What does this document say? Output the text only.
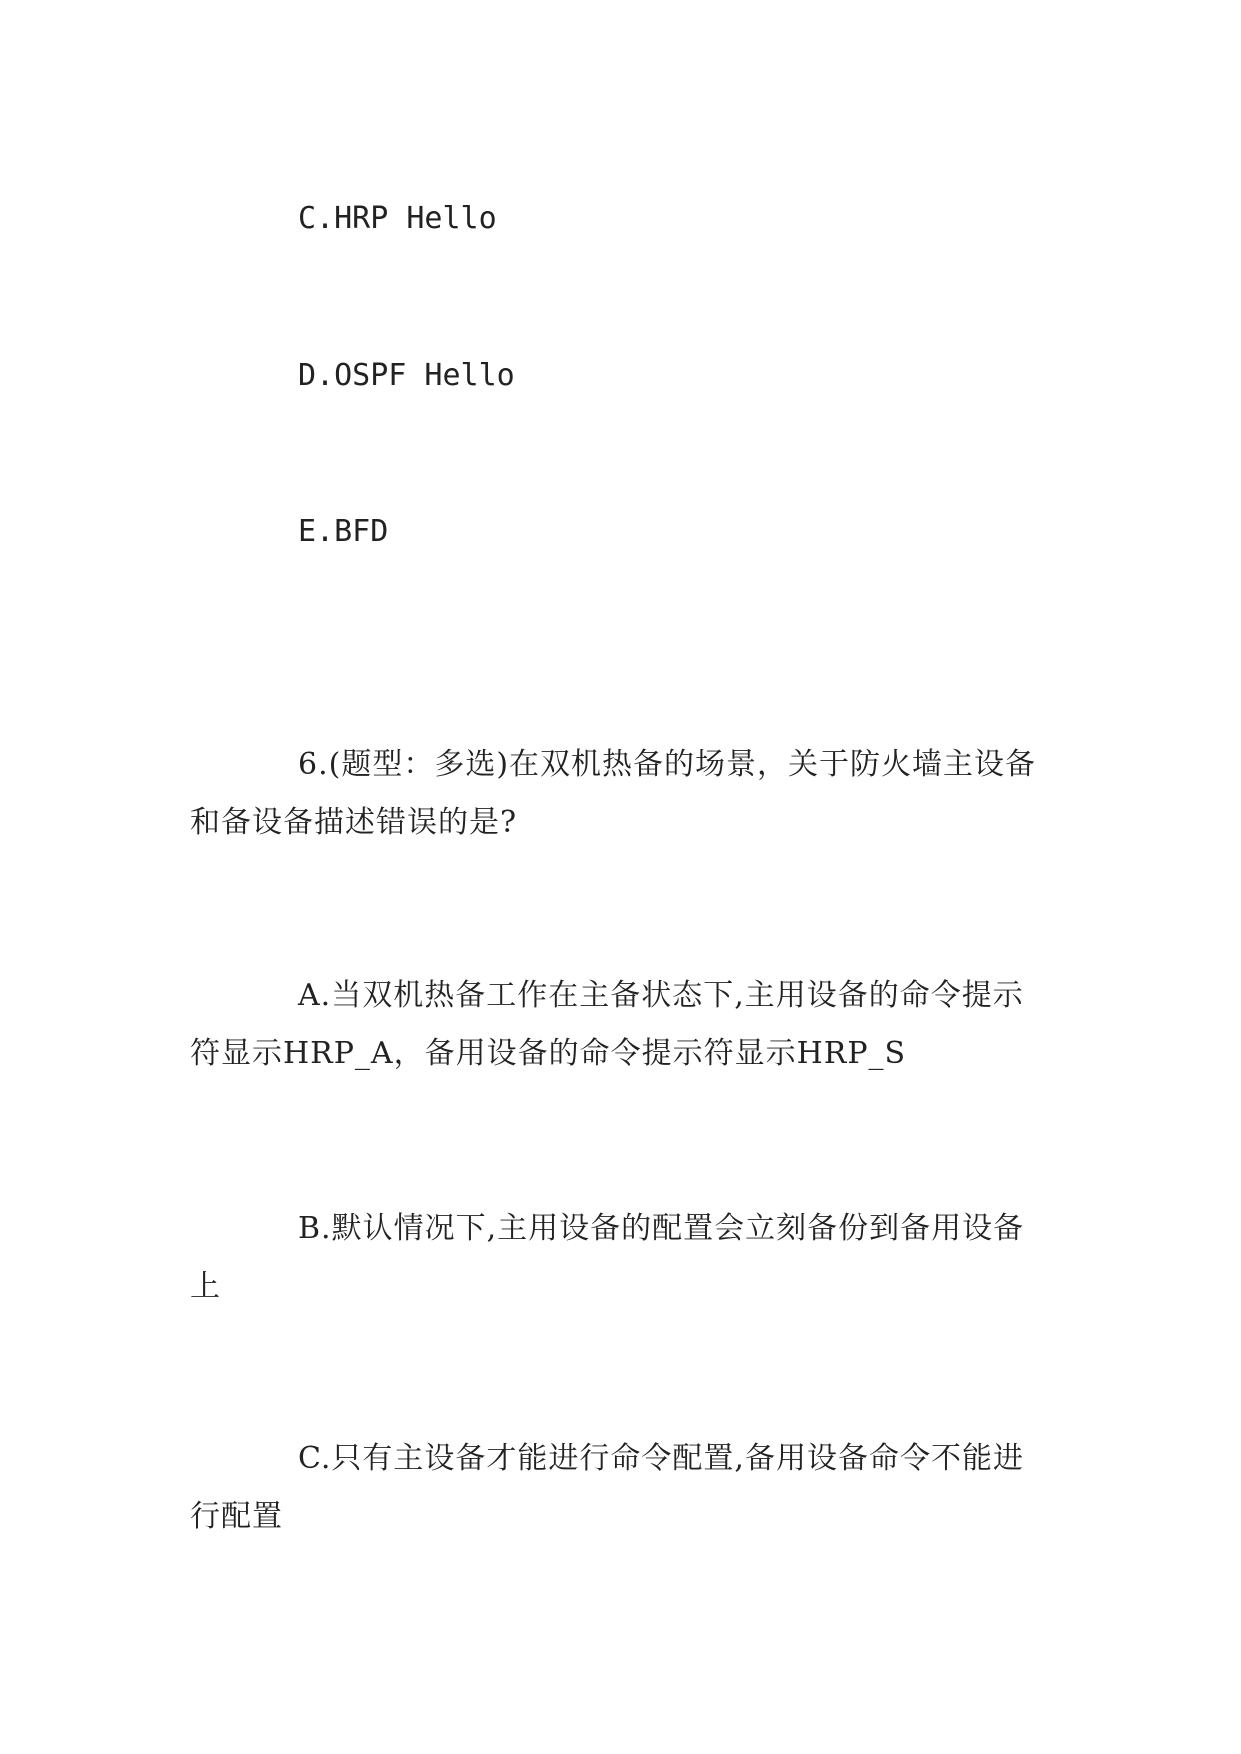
C.HRP Hello

D.OSPF Hello

E.BFD

6.(题型：多选)在双机热备的场景，关于防火墙主设备和备设备描述错误的是?

A.当双机热备工作在主备状态下,主用设备的命令提示符显示HRP_A，备用设备的命令提示符显示HRP_S

B.默认情况下,主用设备的配置会立刻备份到备用设备上

C.只有主设备才能进行命令配置,备用设备命令不能进行配置
